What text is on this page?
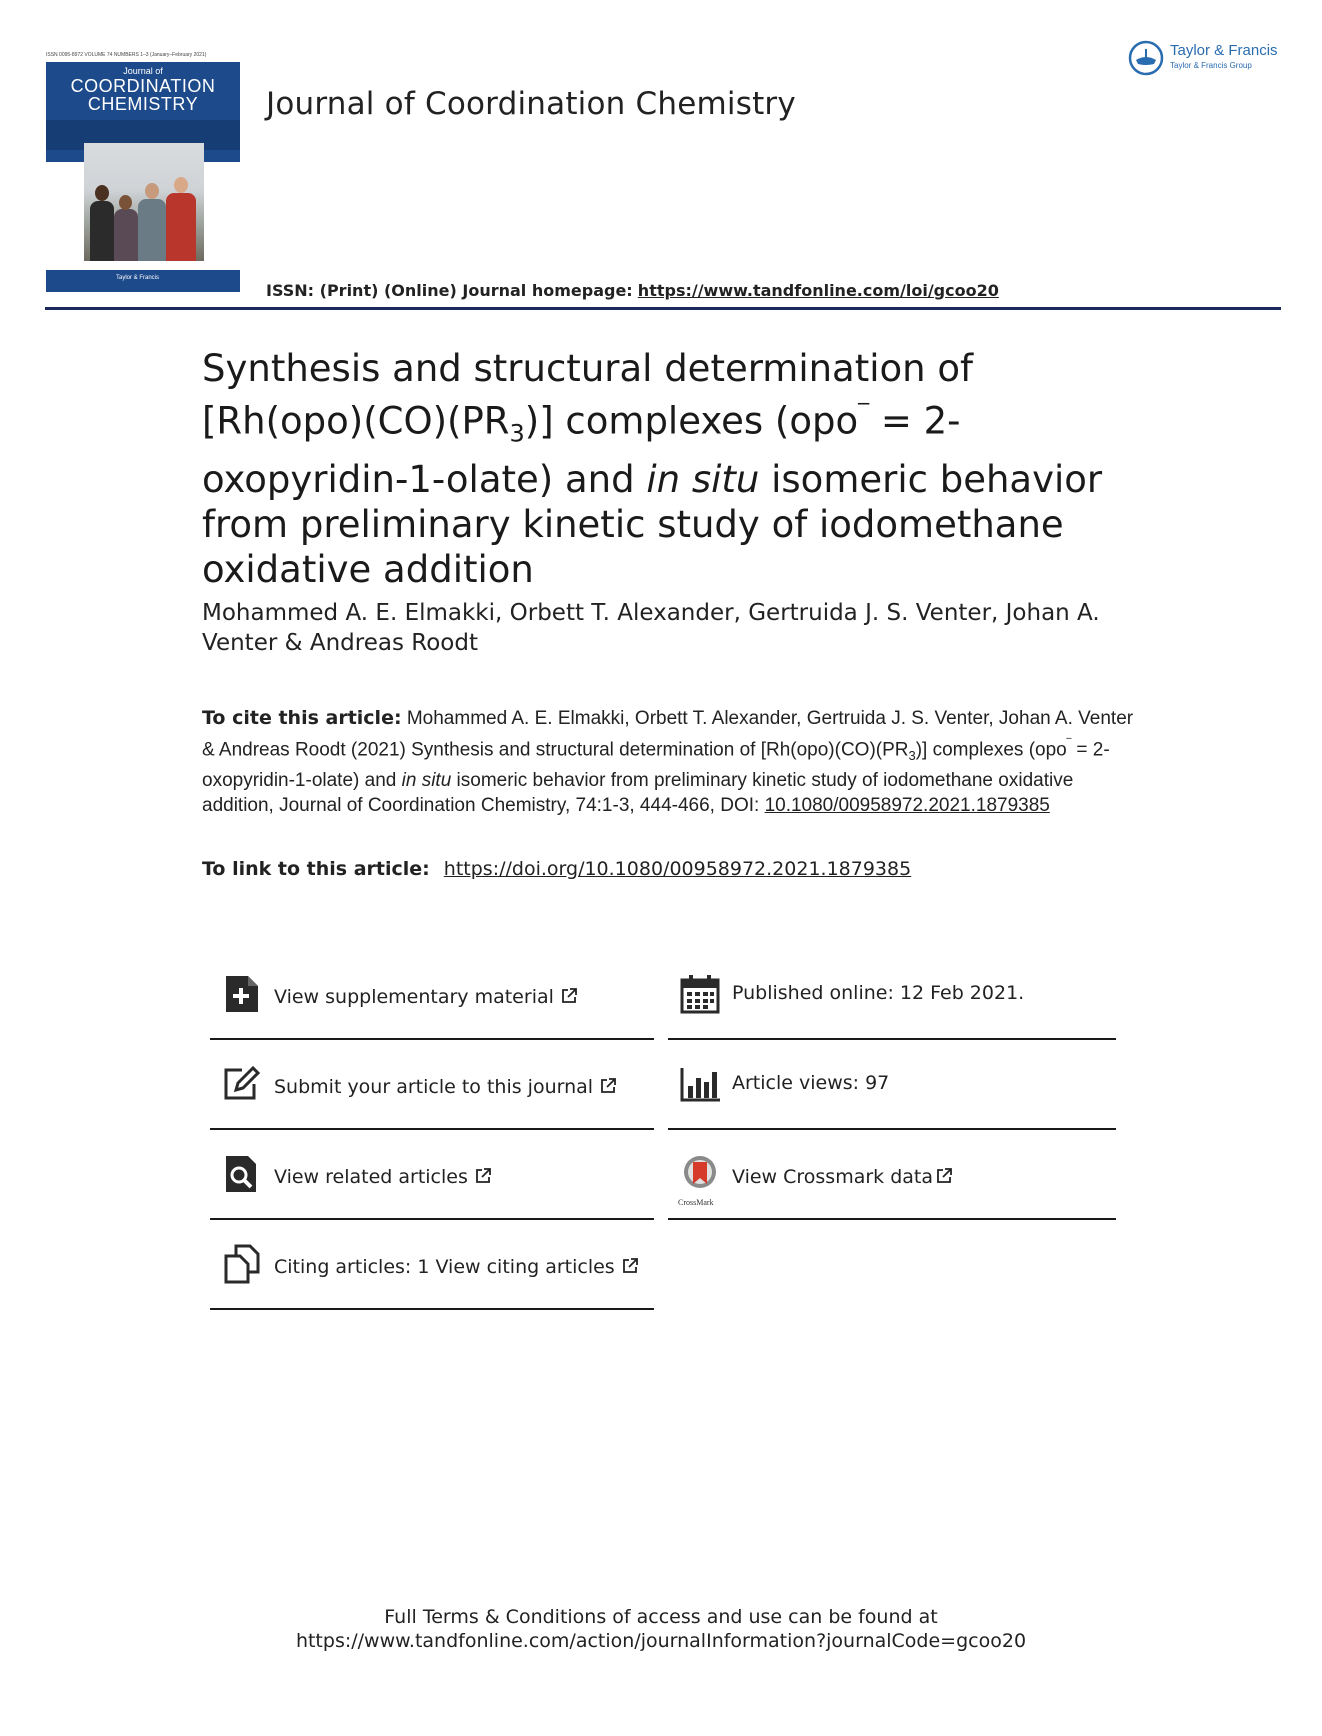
ISSN 0095-8972 VOLUME 74 NUMBERS 1–3 (January–February 2021)
Journal of
COORDINATION
CHEMISTRY
Taylor & Francis
Journal of Coordination Chemistry
Taylor & Francis
Taylor & Francis Group
ISSN: (Print) (Online) Journal homepage: https://www.tandfonline.com/loi/gcoo20
Synthesis and structural determination of $[Rh(opo)(CO)(PR_3)]$ complexes (opo‾ = 2-oxopyridin-1-olate) and in situ isomeric behavior from preliminary kinetic study of iodomethane oxidative addition
Mohammed A. E. Elmakki, Orbett T. Alexander, Gertruida J. S. Venter, Johan A. Venter & Andreas Roodt
To cite this article: Mohammed A. E. Elmakki, Orbett T. Alexander, Gertruida J. S. Venter, Johan A. Venter & Andreas Roodt (2021) Synthesis and structural determination of $[Rh(opo)(CO)(PR_3)]$ complexes (opo‾ = 2-oxopyridin-1-olate) and in situ isomeric behavior from preliminary kinetic study of iodomethane oxidative addition, Journal of Coordination Chemistry, 74:1-3, 444-466, DOI: 10.1080/00958972.2021.1879385
To link to this article: https://doi.org/10.1080/00958972.2021.1879385
View supplementary material
Submit your article to this journal
View related articles
Citing articles: 1 View citing articles
Published online: 12 Feb 2021.
Article views: 97
CrossMark
View Crossmark data
Full Terms & Conditions of access and use can be found at
https://www.tandfonline.com/action/journalInformation?journalCode=gcoo20
